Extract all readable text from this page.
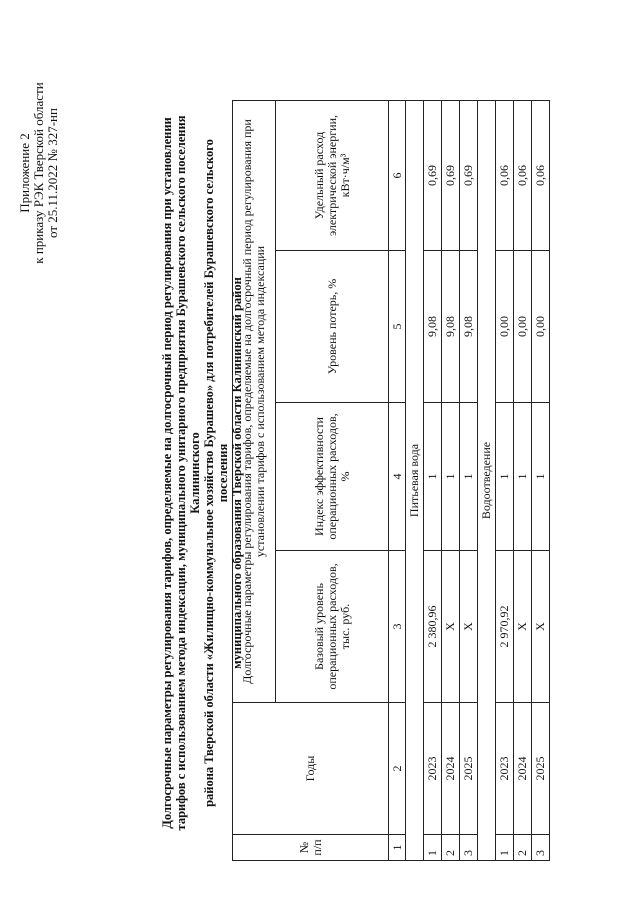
Приложение 2 к приказу РЭК Тверской области от 25.11.2022 № 327-нп	Долгосрочные параметры регулирования тарифов, определяемые на долгосрочный период регулирования при установлении тарифов с использованием метода индексации, муниципального унитарного предприятия Бурашевского сельского поселения Калининского района Тверской области «Жилищно-коммунальное хозяйство Бурашево» для потребителей Бурашевского сельского поселения муниципального образования Тверской области Калининский район
№ п/п	Годы	Долгосрочные параметры регулирования тарифов, определяемые на долгосрочный период регулирования при установлении тарифов с использованием метода индексации			
		Базовый уровень операционных расходов, тыс. руб.	Индекс эффективности операционных расходов, %	Уровень потерь, %	Удельный расход электрической энергии, кВт·ч/м³
1	2	3	4	5	6
Питьевая вода					
1	2023	2 380,96	1	9,08	0,69
2	2024	X	1	9,08	0,69
3	2025	X	1	9,08	0,69
Водоотведение					
1	2023	2 970,92	1	0,00	0,06
2	2024	X	1	0,00	0,06
3	2025	X	1	0,00	0,06
